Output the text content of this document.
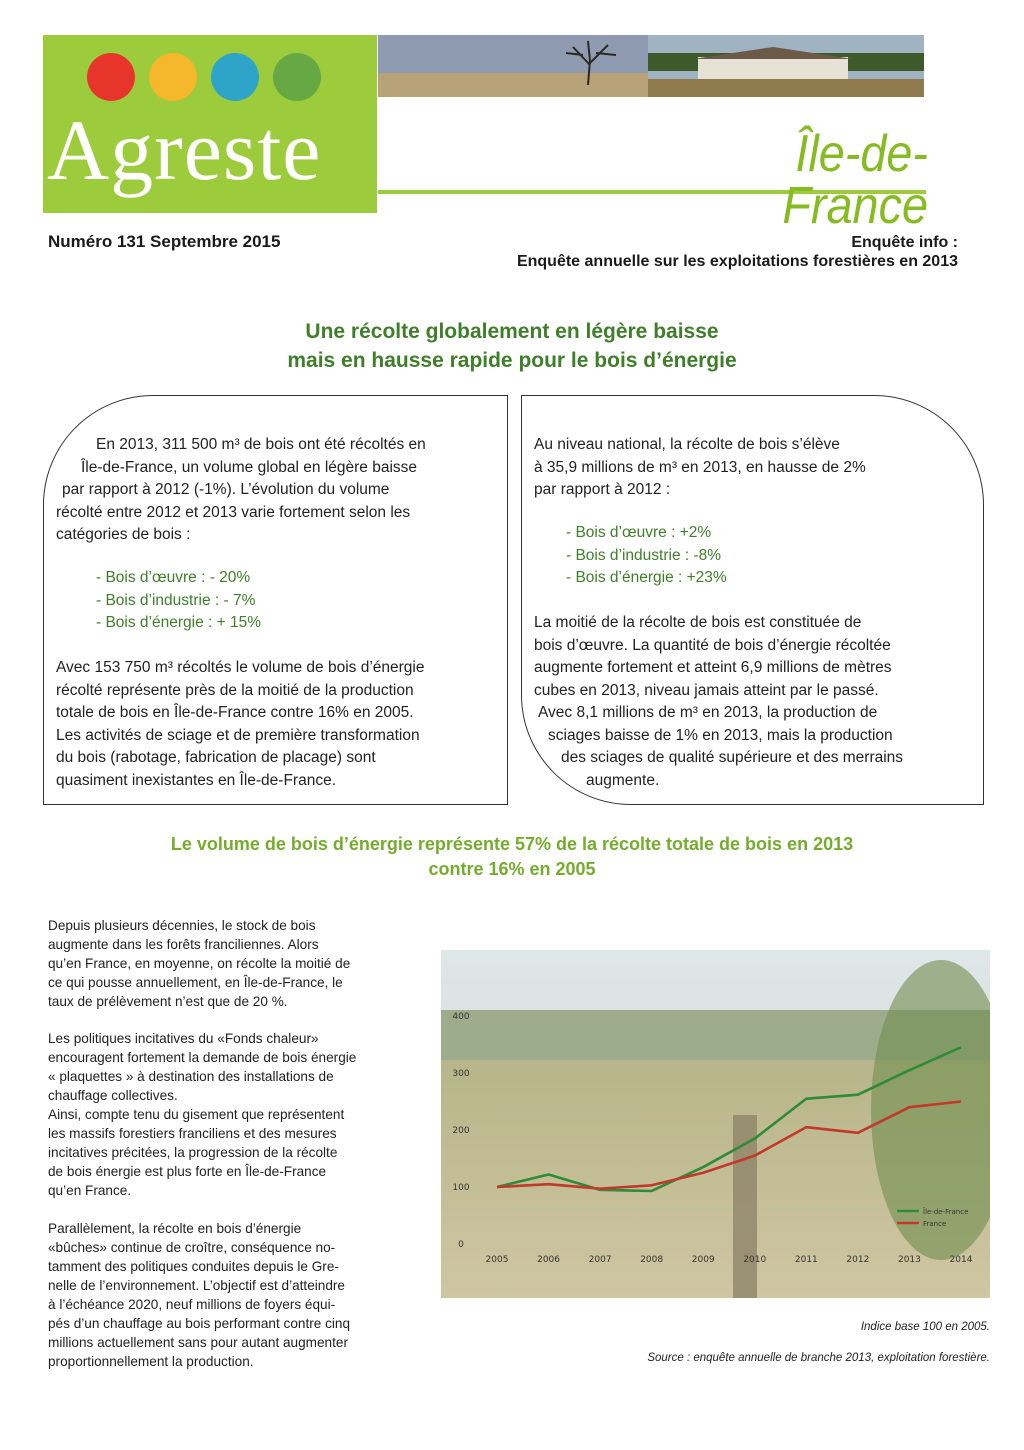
Agreste	Île-de-France
Numéro 131 Septembre 2015	Enquête info :
Enquête annuelle sur les exploitations forestières en 2013
Une récolte globalement en légère baisse
mais en hausse rapide pour le bois d’énergie
En 2013, 311 500 m³ de bois ont été récoltés en
Île-de-France, un volume global en légère baisse
par rapport à 2012 (-1%). L’évolution du volume
récolté entre 2012 et 2013 varie fortement selon les
catégories de bois :
- Bois d’œuvre : - 20%
- Bois d’industrie : - 7%
- Bois d’énergie : + 15%
Avec 153 750 m³ récoltés le volume de bois d’énergie
récolté représente près de la moitié de la production
totale de bois en Île-de-France contre 16% en 2005.
Les activités de sciage et de première transformation
du bois (rabotage, fabrication de placage) sont
quasiment inexistantes en Île-de-France.
Au niveau national, la récolte de bois s’élève
à 35,9 millions de m³ en 2013, en hausse de 2%
par rapport à 2012 :
- Bois d’œuvre : +2%
- Bois d’industrie : -8%
- Bois d’énergie : +23%
La moitié de la récolte de bois est constituée de
bois d’œuvre. La quantité de bois d’énergie récoltée
augmente fortement et atteint 6,9 millions de mètres
cubes en 2013, niveau jamais atteint par le passé.
Avec 8,1 millions de m³ en 2013, la production de
sciages baisse de 1% en 2013, mais la production
des sciages de qualité supérieure et des merrains
augmente.
Le volume de bois d’énergie représente 57% de la récolte totale de bois en 2013
contre 16% en 2005
Depuis plusieurs décennies, le stock de bois
augmente dans les forêts franciliennes. Alors
qu’en France, en moyenne, on récolte la moitié de
ce qui pousse annuellement, en Île-de-France, le
taux de prélèvement n’est que de 20 %.
Les politiques incitatives du «Fonds chaleur»
encouragent fortement la demande de bois énergie
« plaquettes » à destination des installations de
chauffage collectives.
Ainsi, compte tenu du gisement que représentent
les massifs forestiers franciliens et des mesures
incitatives précitées, la progression de la récolte
de bois énergie est plus forte en Île-de-France
qu’en France.
Parallèlement, la récolte en bois d’énergie
«bûches» continue de croître, conséquence no-
tamment des politiques conduites depuis le Gre-
nelle de l’environnement. L’objectif est d’atteindre
à l’échéance 2020, neuf millions de foyers équi-
pés d’un chauffage au bois performant contre cinq
millions actuellement sans pour autant augmenter
proportionnellement la production.
0
100
200
300
400
2005	2006	2007	2008	2009	2010	2011	2012	2013	2014
Île-de-France
France
Indice base 100 en 2005.
Source : enquête annuelle de branche 2013, exploitation forestière.
